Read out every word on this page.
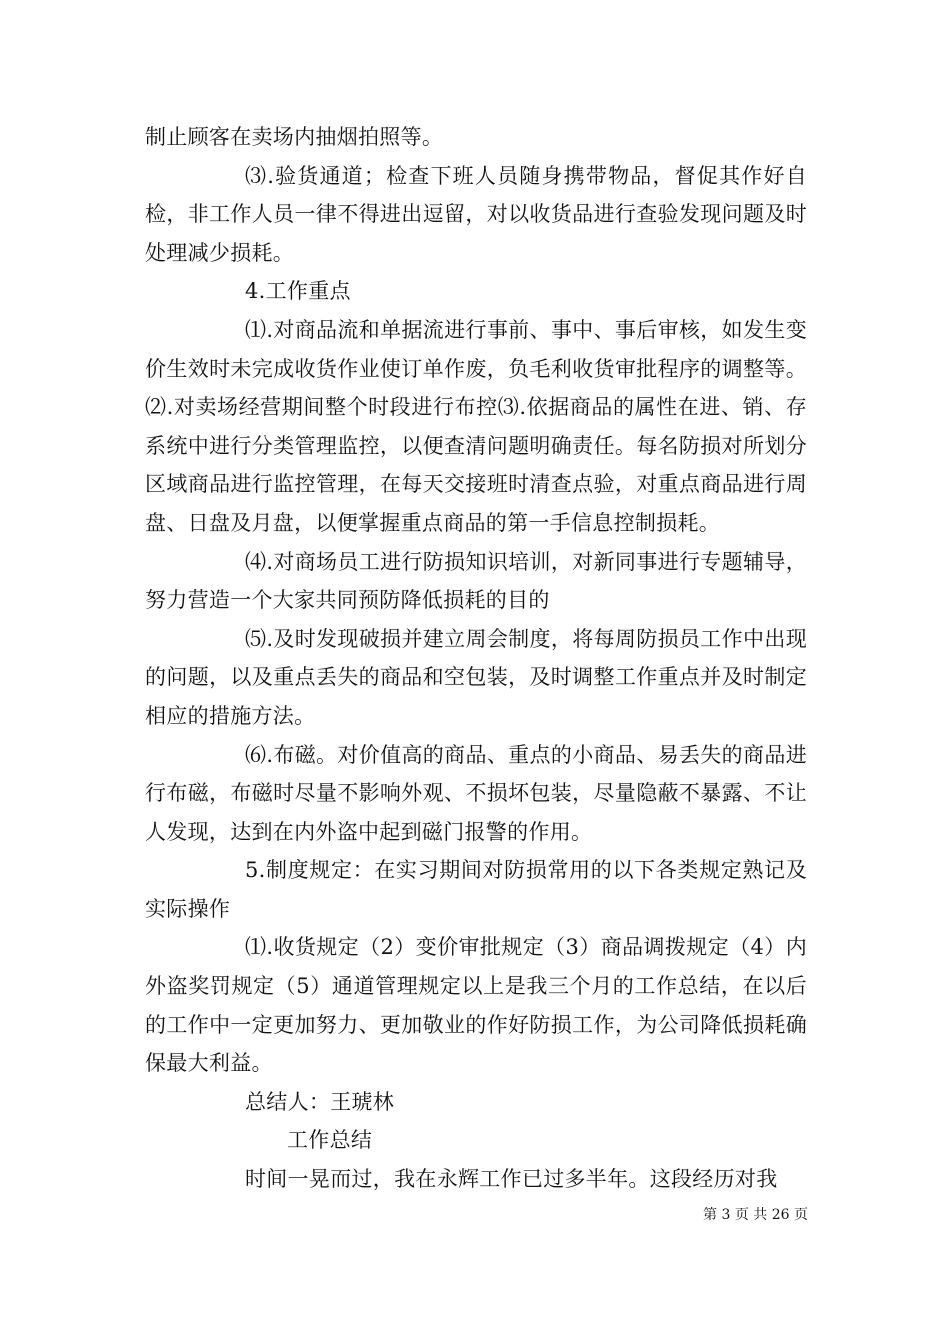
制止顾客在卖场内抽烟拍照等。

⑶.验货通道；检查下班人员随身携带物品，督促其作好自检，非工作人员一律不得进出逗留，对以收货品进行查验发现问题及时处理减少损耗。

4.工作重点

⑴.对商品流和单据流进行事前、事中、事后审核，如发生变价生效时未完成收货作业使订单作废，负毛利收货审批程序的调整等。⑵.对卖场经营期间整个时段进行布控⑶.依据商品的属性在进、销、存系统中进行分类管理监控，以便查清问题明确责任。每名防损对所划分区域商品进行监控管理，在每天交接班时清查点验，对重点商品进行周盘、日盘及月盘，以便掌握重点商品的第一手信息控制损耗。

⑷.对商场员工进行防损知识培训，对新同事进行专题辅导，努力营造一个大家共同预防降低损耗的目的

⑸.及时发现破损并建立周会制度，将每周防损员工作中出现的问题，以及重点丢失的商品和空包装，及时调整工作重点并及时制定相应的措施方法。

⑹.布磁。对价值高的商品、重点的小商品、易丢失的商品进行布磁，布磁时尽量不影响外观、不损坏包装，尽量隐蔽不暴露、不让人发现，达到在内外盗中起到磁门报警的作用。

5.制度规定：在实习期间对防损常用的以下各类规定熟记及实际操作

⑴.收货规定（2）变价审批规定（3）商品调拨规定（4）内外盗奖罚规定（5）通道管理规定以上是我三个月的工作总结，在以后的工作中一定更加努力、更加敬业的作好防损工作，为公司降低损耗确保最大利益。

总结人：王琥林

工作总结

时间一晃而过，我在永辉工作已过多半年。这段经历对我

第 3 页 共 26 页
